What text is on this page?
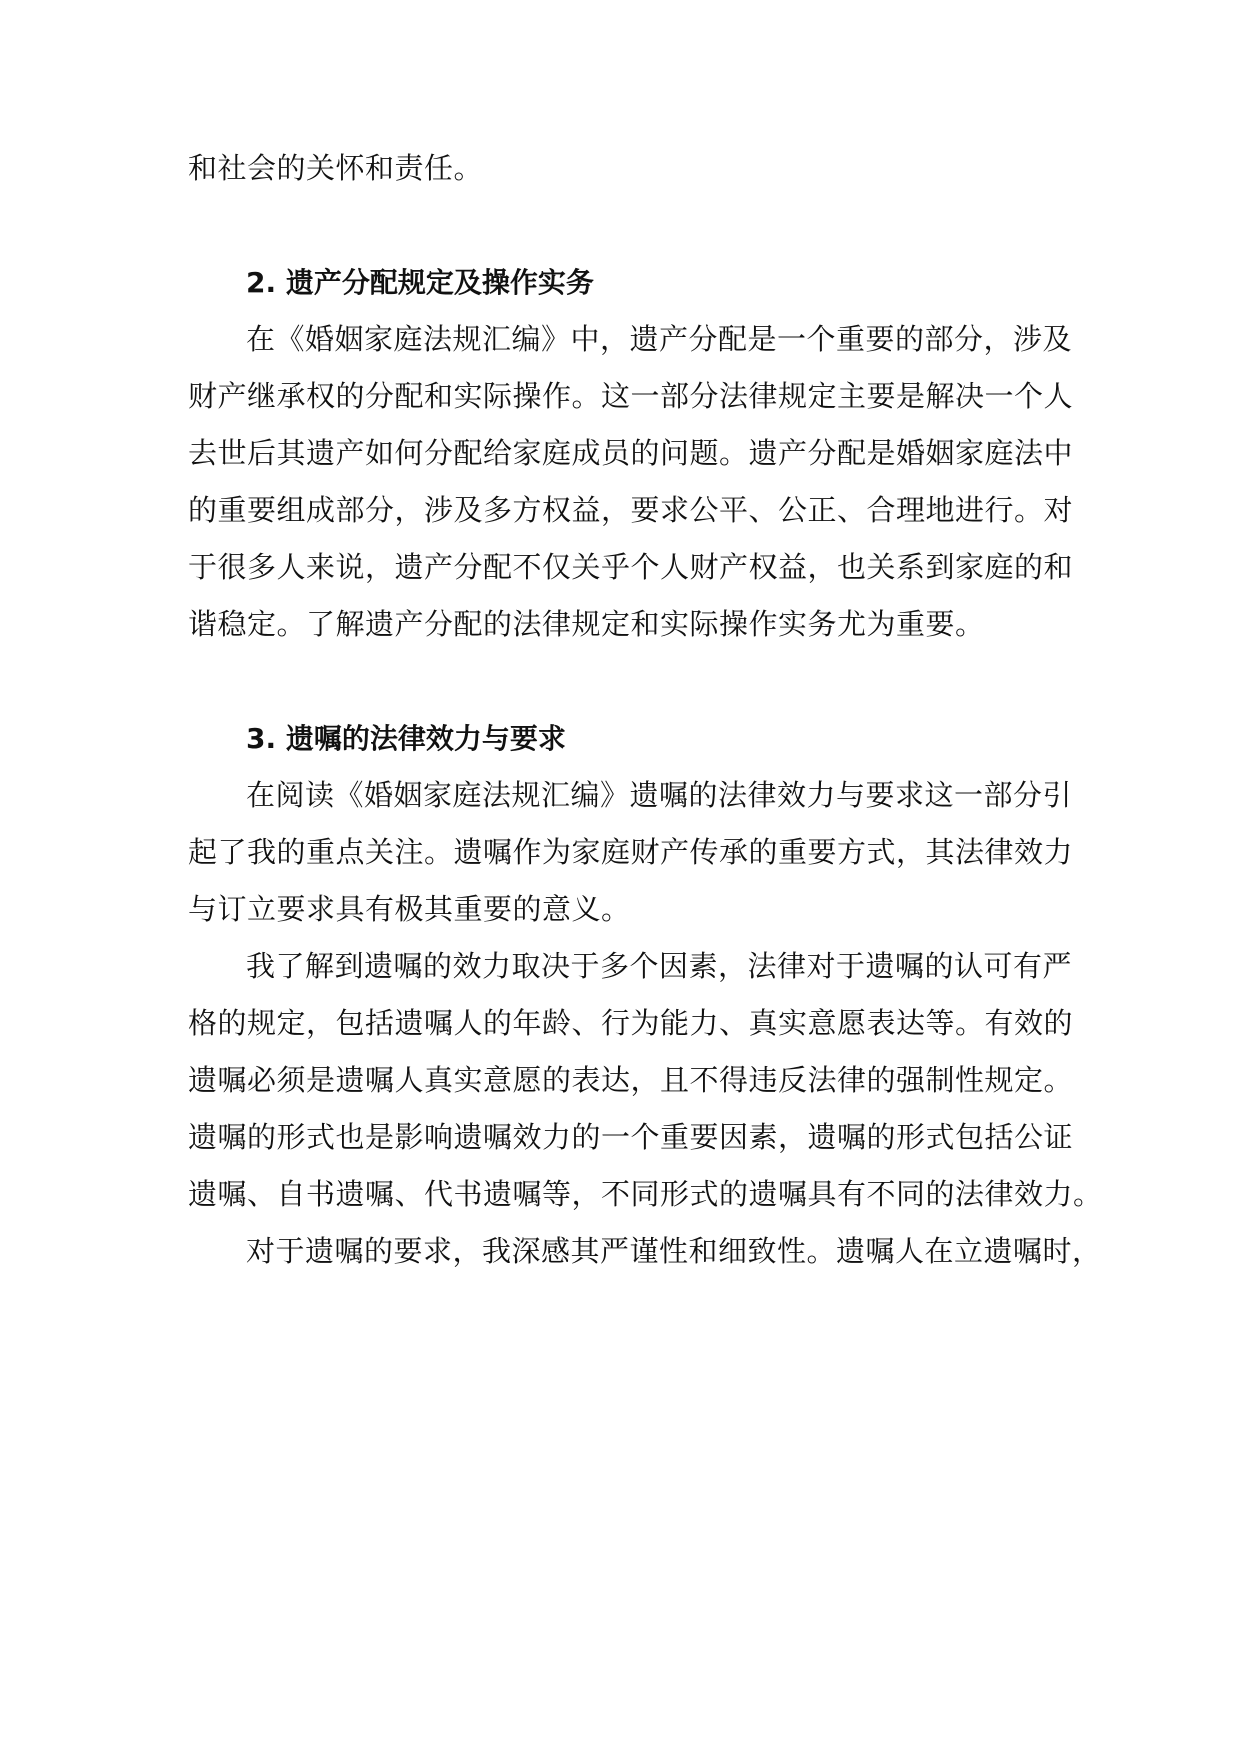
和社会的关怀和责任。
2. 遗产分配规定及操作实务
在《婚姻家庭法规汇编》中，遗产分配是一个重要的部分，涉及
财产继承权的分配和实际操作。这一部分法律规定主要是解决一个人
去世后其遗产如何分配给家庭成员的问题。遗产分配是婚姻家庭法中
的重要组成部分，涉及多方权益，要求公平、公正、合理地进行。对
于很多人来说，遗产分配不仅关乎个人财产权益，也关系到家庭的和
谐稳定。了解遗产分配的法律规定和实际操作实务尤为重要。
3. 遗嘱的法律效力与要求
在阅读《婚姻家庭法规汇编》遗嘱的法律效力与要求这一部分引
起了我的重点关注。遗嘱作为家庭财产传承的重要方式，其法律效力
与订立要求具有极其重要的意义。
我了解到遗嘱的效力取决于多个因素，法律对于遗嘱的认可有严
格的规定，包括遗嘱人的年龄、行为能力、真实意愿表达等。有效的
遗嘱必须是遗嘱人真实意愿的表达，且不得违反法律的强制性规定。
遗嘱的形式也是影响遗嘱效力的一个重要因素，遗嘱的形式包括公证
遗嘱、自书遗嘱、代书遗嘱等，不同形式的遗嘱具有不同的法律效力。
对于遗嘱的要求，我深感其严谨性和细致性。遗嘱人在立遗嘱时，
